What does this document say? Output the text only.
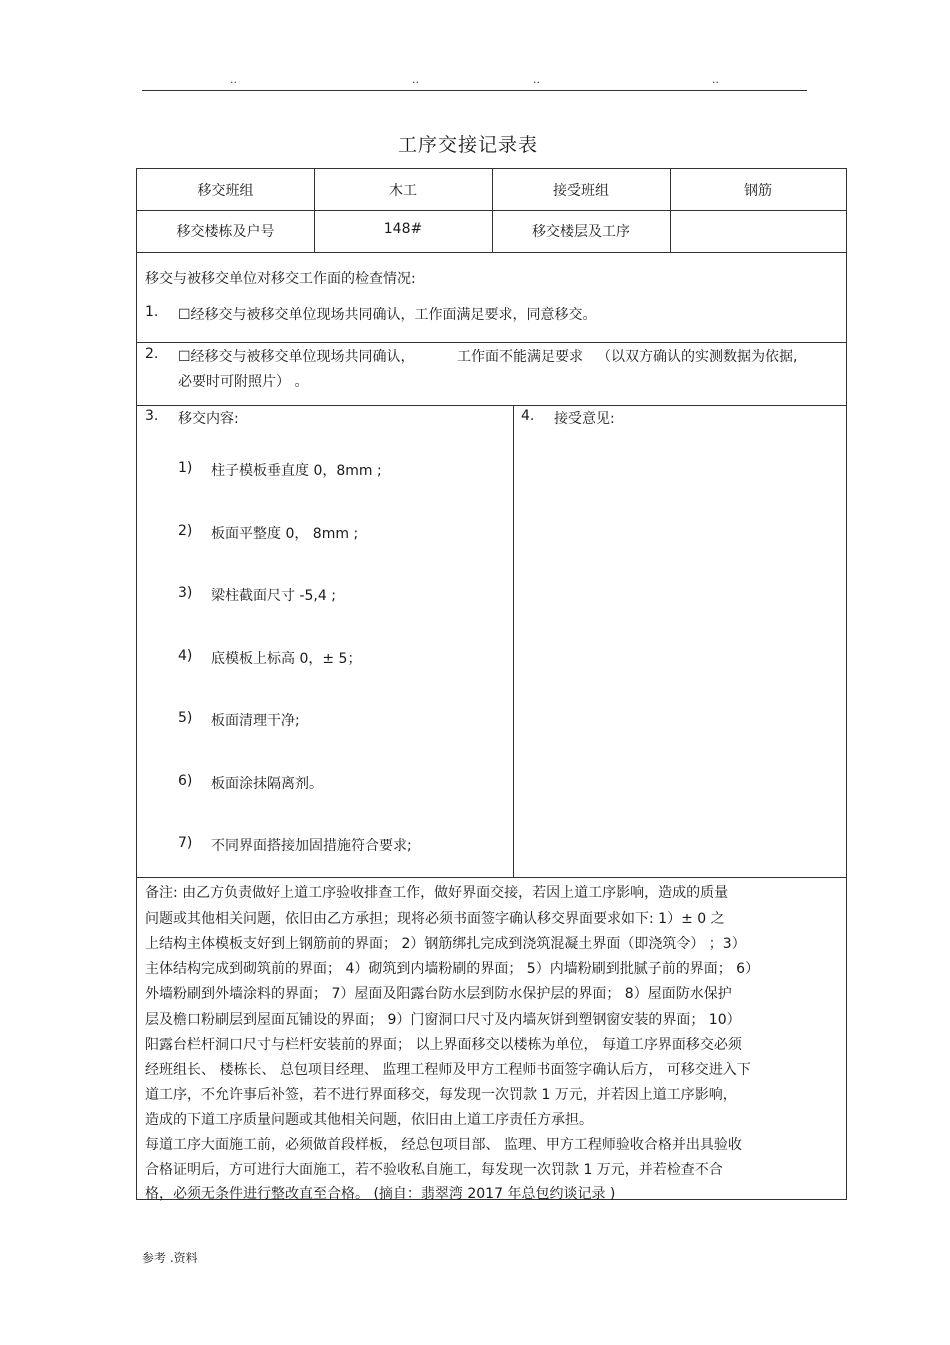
..	..	..	..
工序交接记录表
移交班组	木工	接受班组	钢筋
移交楼栋及户号	148#	移交楼层及工序
移交与被移交单位对移交工作面的检查情况:
1. ☐经移交与被移交单位现场共同确认，工作面满足要求，同意移交。
2. ☐经移交与被移交单位现场共同确认，	工作面不能满足要求 （以双方确认的实测数据为依据,
必要时可附照片） 。
3. 移交内容:
1) 柱子模板垂直度 0，8mm ;
2) 板面平整度 0， 8mm ;
3) 梁柱截面尺寸 -5,4 ;
4) 底模板上标高 0，± 5；
5) 板面清理干净;
6) 板面涂抹隔离剂。
7) 不同界面搭接加固措施符合要求;
4. 接受意见:
备注: 由乙方负责做好上道工序验收排查工作，做好界面交接，若因上道工序影响，造成的质量
问题或其他相关问题，依旧由乙方承担；现将必须书面签字确认移交界面要求如下: 1）± 0 之
上结构主体模板支好到上钢筋前的界面； 2）钢筋绑扎完成到浇筑混凝土界面（即浇筑令） ；3）
主体结构完成到砌筑前的界面； 4）砌筑到内墙粉刷的界面； 5）内墙粉刷到批腻子前的界面； 6）
外墙粉刷到外墙涂料的界面； 7）屋面及阳露台防水层到防水保护层的界面； 8）屋面防水保护
层及檐口粉刷层到屋面瓦铺设的界面； 9）门窗洞口尺寸及内墙灰饼到塑钢窗安装的界面； 10）
阳露台栏杆洞口尺寸与栏杆安装前的界面； 以上界面移交以楼栋为单位， 每道工序界面移交必须
经班组长、 楼栋长、 总包项目经理、 监理工程师及甲方工程师书面签字确认后方， 可移交进入下
道工序，不允许事后补签，若不进行界面移交，每发现一次罚款 1 万元，并若因上道工序影响，
造成的下道工序质量问题或其他相关问题，依旧由上道工序责任方承担。
每道工序大面施工前，必须做首段样板， 经总包项目部、 监理、甲方工程师验收合格并出具验收
合格证明后，方可进行大面施工，若不验收私自施工，每发现一次罚款 1 万元，并若检查不合
格，必须无条件进行整改直至合格。 (摘自：翡翠湾 2017 年总包约谈记录 )
参考 .资料
